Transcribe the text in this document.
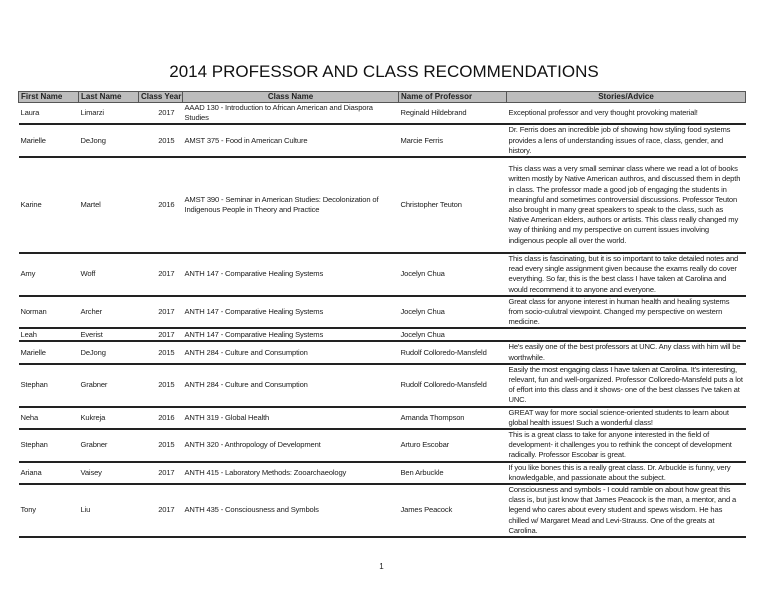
2014 PROFESSOR AND CLASS RECOMMENDATIONS
First Name	Last Name	Class Year	Class Name	Name of Professor	Stories/Advice
Laura	Limarzi	2017	AAAD 130 - Introduction to African American and Diaspora Studies	Reginald Hildebrand	Exceptional professor and very thought provoking material!
Marielle	DeJong	2015	AMST 375 - Food in American Culture	Marcie Ferris	Dr. Ferris does an incredible job of showing how styling food systems provides a lens of understanding issues of race, class, gender, and history.
Karine	Martel	2016	AMST 390 - Seminar in American Studies: Decolonization of Indigenous People in Theory and Practice	Christopher Teuton	This class was a very small seminar class where we read a lot of books written mostly by Native American authros, and discussed them in depth in class. The professor made a good job of engaging the students in meaningful and sometimes controversial discussions. Professor Teuton also brought in many great speakers to speak to the class, such as Native American elders, authors or artists. This class really changed my way of thinking and my perspective on current issues involving indigenous people all over the world.
Amy	Woff	2017	ANTH 147 - Comparative Healing Systems	Jocelyn Chua	This class is fascinating, but it is so important to take detailed notes and read every single assignment given because the exams really do cover everything. So far, this is the best class I have taken at Carolina and would recommend it to anyone and everyone.
Norman	Archer	2017	ANTH 147 - Comparative Healing Systems	Jocelyn Chua	Great class for anyone interest in human health and healing systems from socio-culutral viewpoint. Changed my perspective on western medicine.
Leah	Everist	2017	ANTH 147 - Comparative Healing Systems	Jocelyn Chua	
Marielle	DeJong	2015	ANTH 284 - Culture and Consumption	Rudolf Colloredo-Mansfeld	He's easily one of the best professors at UNC. Any class with him will be worthwhile.
Stephan	Grabner	2015	ANTH 284 - Culture and Consumption	Rudolf Colloredo-Mansfeld	Easily the most engaging class I have taken at Carolina. It's interesting, relevant, fun and well-organized. Professor Colloredo-Mansfeld puts a lot of effort into this class and it shows- one of the best classes I've taken at UNC.
Neha	Kukreja	2016	ANTH 319 - Global Health	Amanda Thompson	GREAT way for more social science-oriented students to learn about global health issues! Such a wonderful class!
Stephan	Grabner	2015	ANTH 320 - Anthropology of Development	Arturo Escobar	This is a great class to take for anyone interested in the field of development- it challenges you to rethink the concept of development radically. Professor Escobar is great.
Ariana	Vaisey	2017	ANTH 415 - Laboratory Methods: Zooarchaeology	Ben Arbuckle	If you like bones this is a really great class. Dr. Arbuckle is funny, very knowledgable, and passionate about the subject.
Tony	Liu	2017	ANTH 435 - Consciousness and Symbols	James Peacock	Consciousness and symbols - I could ramble on about how great this class is, but just know that James Peacock is the man, a mentor, and a legend who cares about every student and spews wisdom. He has chilled w/ Margaret Mead and Levi-Strauss. One of the greats at Carolina.
1
